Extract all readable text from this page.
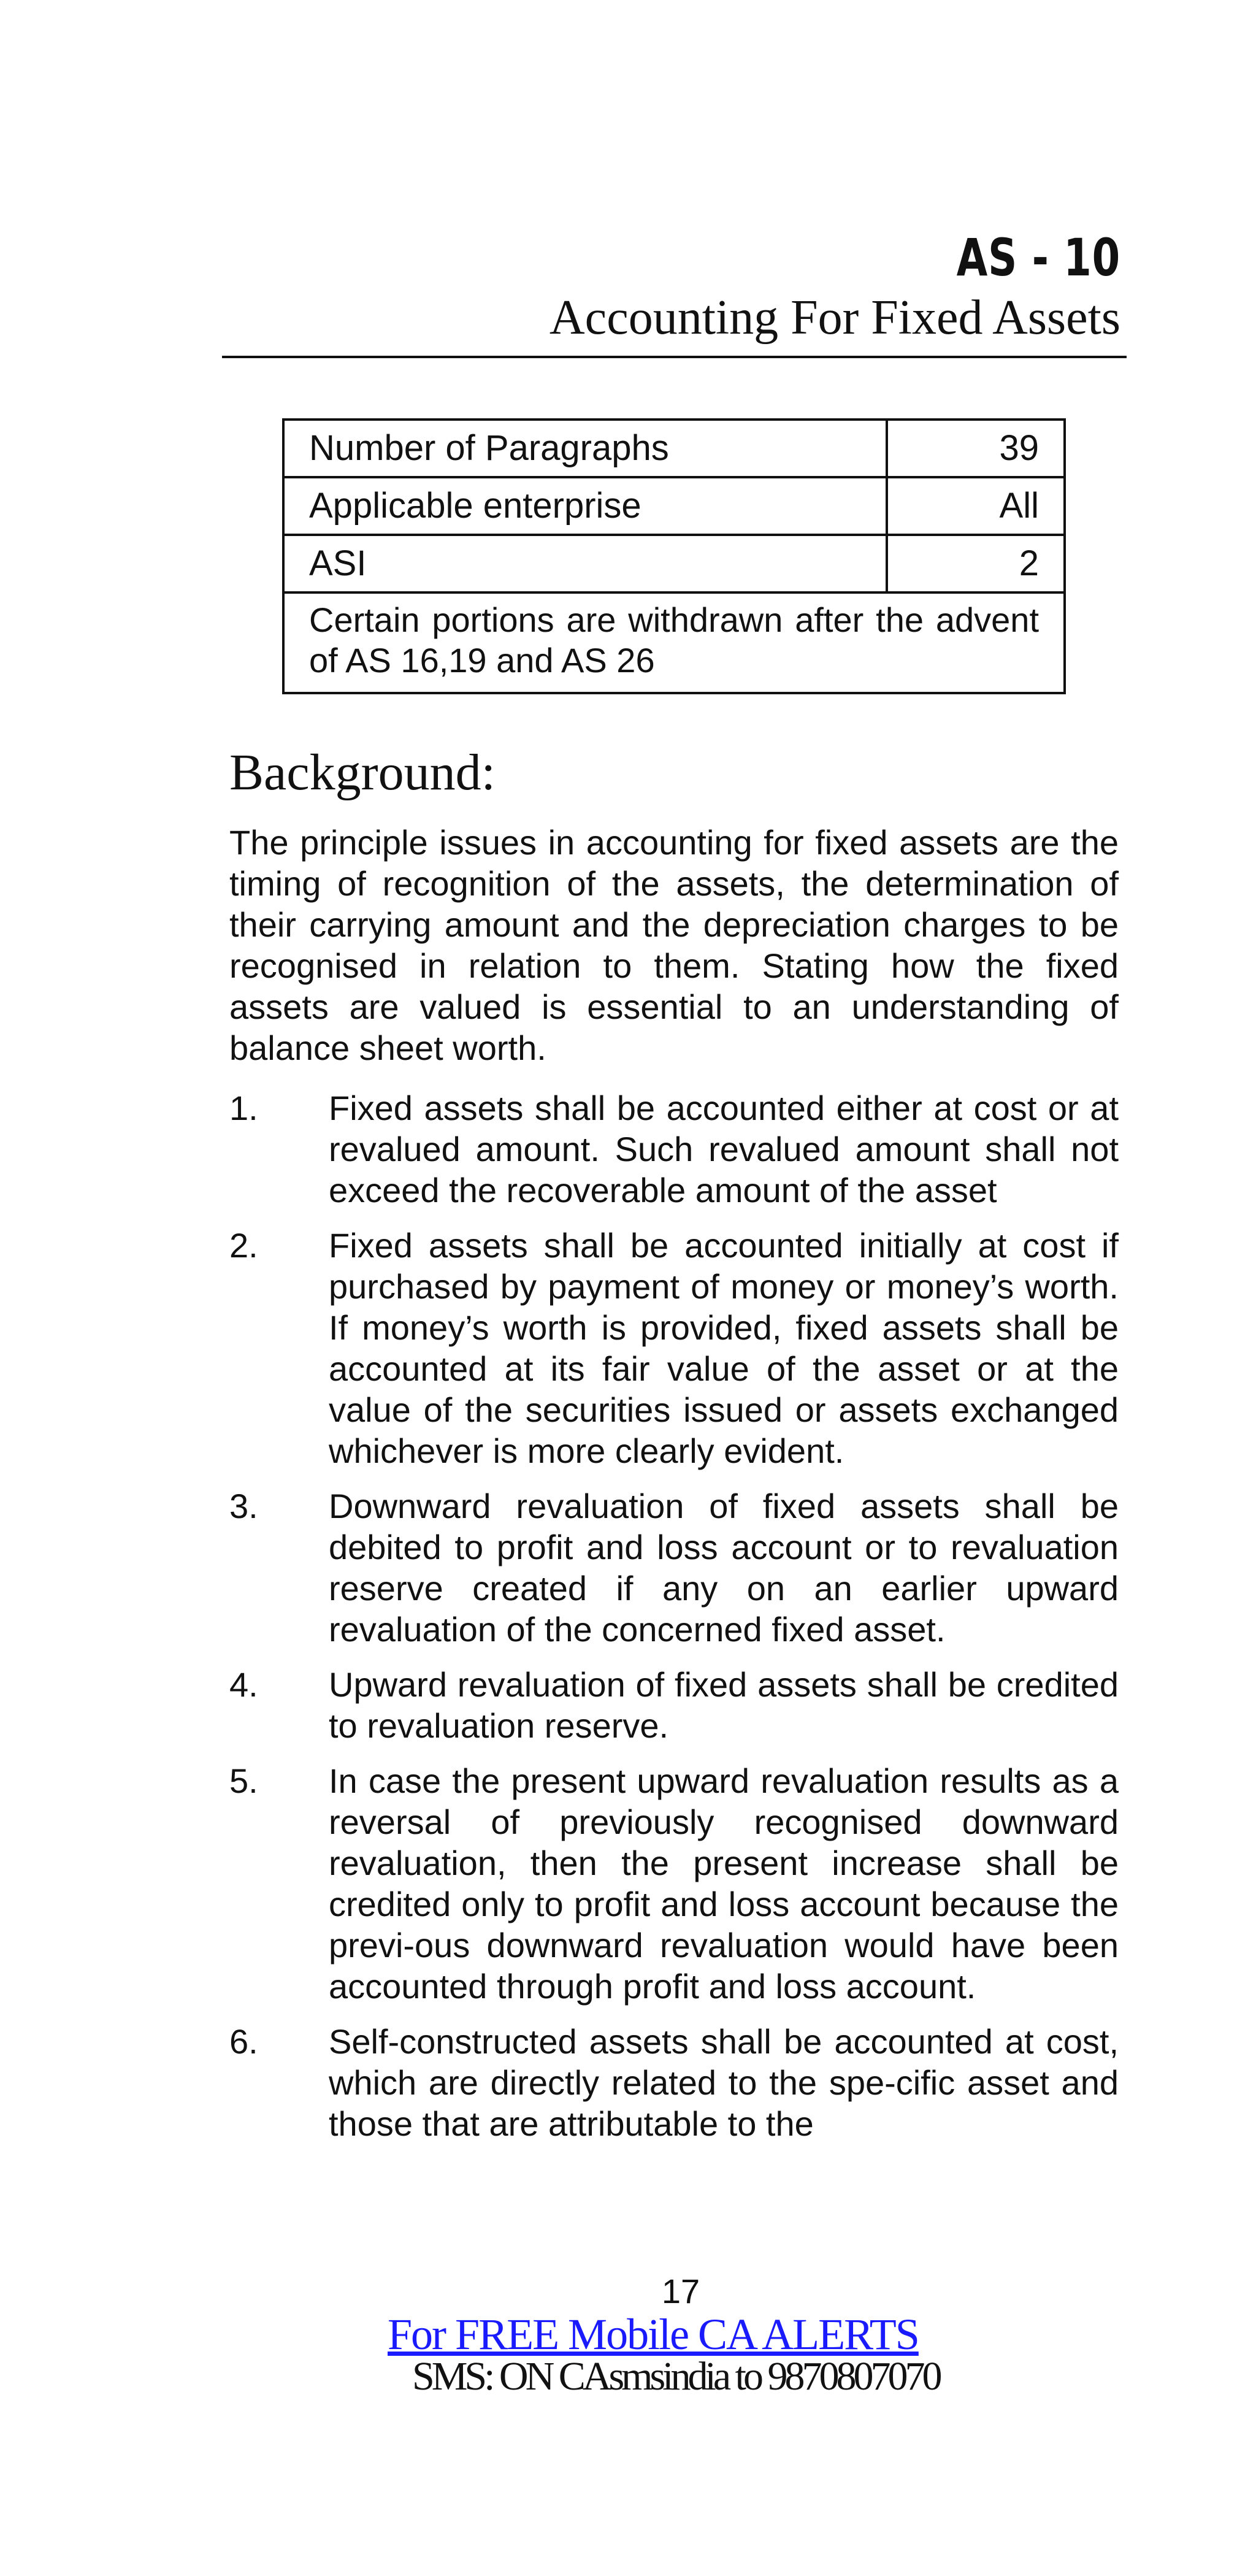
AS - 10
Accounting For Fixed Assets
Number of Paragraphs	39
Applicable enterprise	All
ASI	2
Certain portions are withdrawn after the advent of AS 16,19 and AS 26
Background:

The principle issues in accounting for fixed assets are the timing of recognition of the assets, the determination of their carrying amount and the depreciation charges to be recognised in relation to them. Stating how the fixed assets are valued is essential to an understanding of balance sheet worth.

1.	Fixed assets shall be accounted either at cost or at revalued amount. Such revalued amount shall not exceed the recoverable amount of the asset
2.	Fixed assets shall be accounted initially at cost if purchased by payment of money or money’s worth. If money’s worth is provided, fixed assets shall be accounted at its fair value of the asset or at the value of the securities issued or assets exchanged whichever is more clearly evident.
3.	Downward revaluation of fixed assets shall be debited to profit and loss account or to revaluation reserve created if any on an earlier upward revaluation of the concerned fixed asset.
4.	Upward revaluation of fixed assets shall be credited to revaluation reserve.
5.	In case the present upward revaluation results as a reversal of previously recognised downward revaluation, then the present increase shall be credited only to profit and loss account because the previ-ous downward revaluation would have been accounted through profit and loss account.
6.	Self-constructed assets shall be accounted at cost, which are directly related to the spe-cific asset and those that are attributable to the
17
For FREE Mobile CA ALERTS
SMS: ON CAsmsindia to 9870807070
